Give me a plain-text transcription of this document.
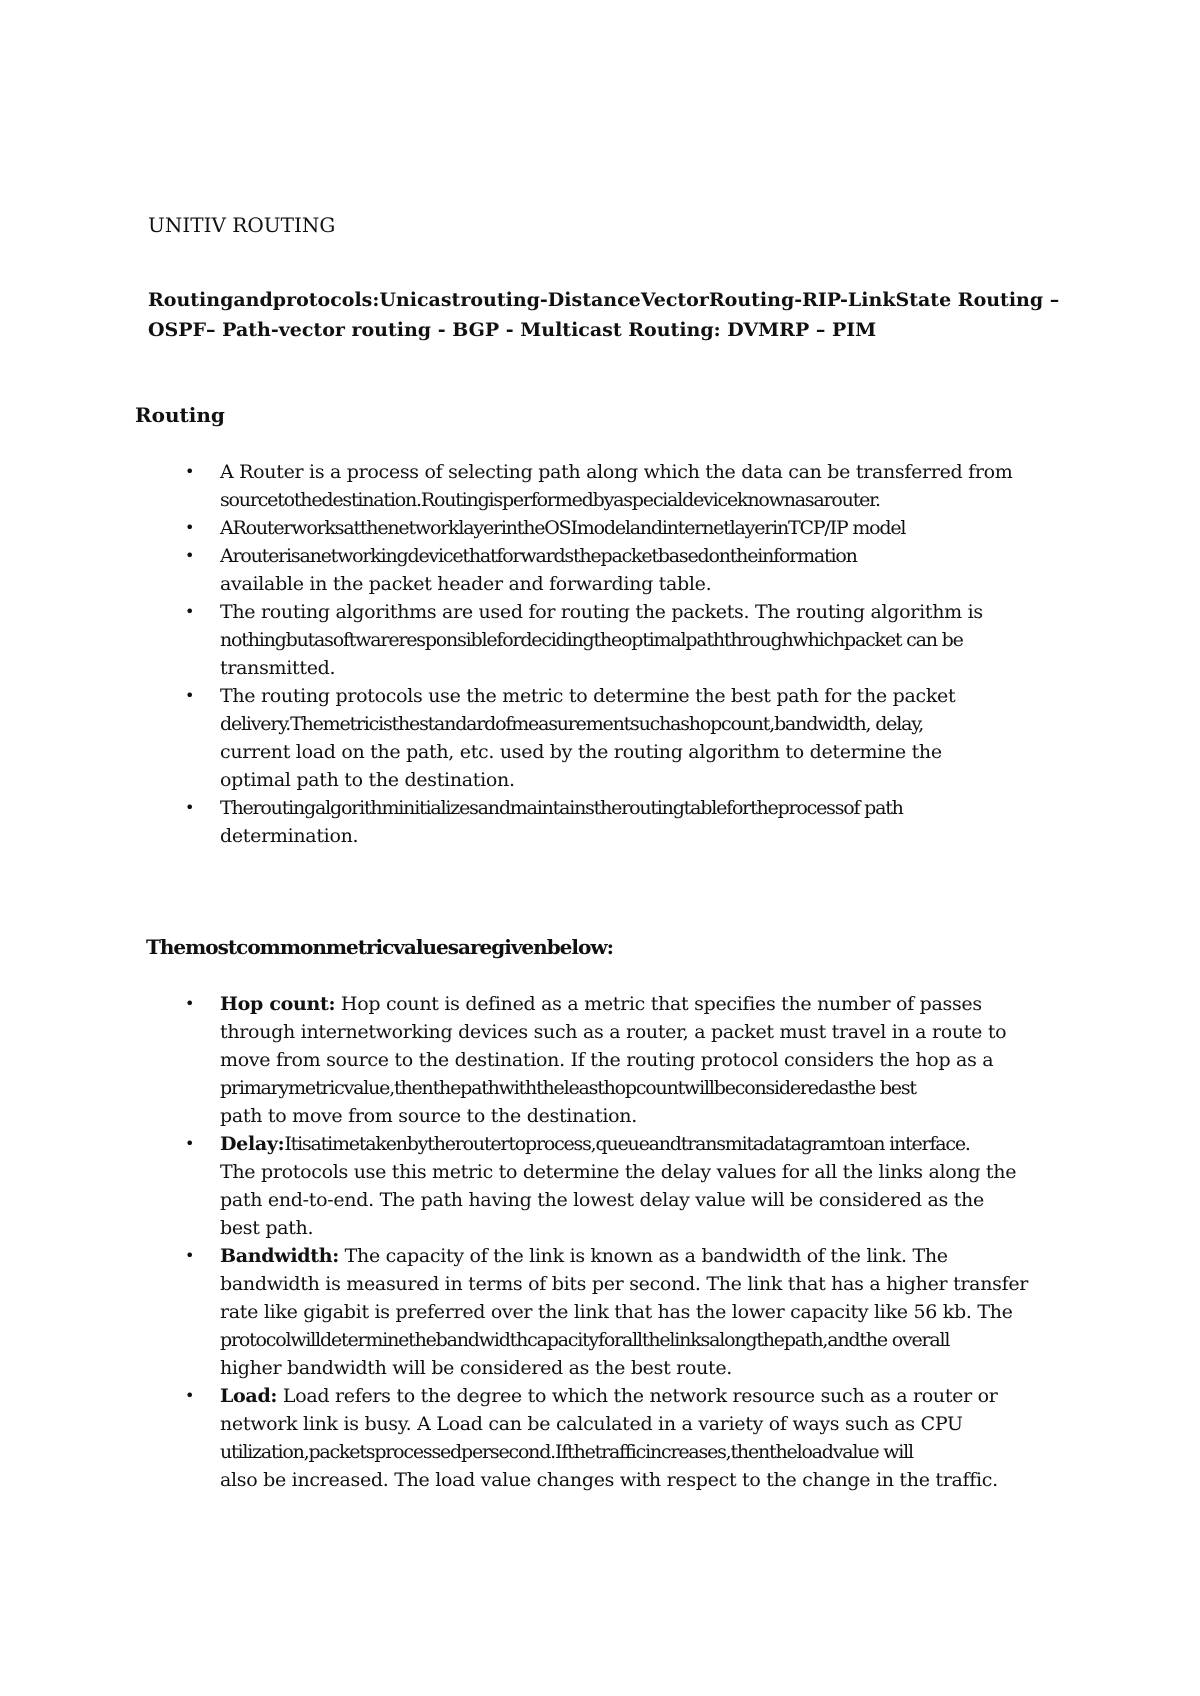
UNITIV ROUTING

Routingandprotocols:Unicastrouting-DistanceVectorRouting-RIP-LinkState Routing – OSPF– Path-vector routing - BGP - Multicast Routing: DVMRP – PIM

Routing
• A Router is a process of selecting path along which the data can be transferred from
sourcetothedestination.Routingisperformedbyaspecialdeviceknownasarouter.
• ARouterworksatthenetworklayerintheOSImodelandinternetlayerinTCP/IP model
• Arouterisanetworkingdevicethatforwardsthepacketbasedontheinformation
available in the packet header and forwarding table.
• The routing algorithms are used for routing the packets. The routing algorithm is
nothingbutasoftwareresponsiblefordecidingtheoptimalpaththroughwhichpacket can be
transmitted.
• The routing protocols use the metric to determine the best path for the packet
delivery.Themetricisthestandardofmeasurementsuchashopcount,bandwidth, delay,
current load on the path, etc. used by the routing algorithm to determine the
optimal path to the destination.
• Theroutingalgorithminitializesandmaintainstheroutingtablefortheprocessof path
determination.
Themostcommonmetricvaluesaregivenbelow:
• Hop count: Hop count is defined as a metric that specifies the number of passes
through internetworking devices such as a router, a packet must travel in a route to
move from source to the destination. If the routing protocol considers the hop as a
primarymetricvalue,thenthepathwiththeleasthopcountwillbeconsideredasthe best
path to move from source to the destination.
• Delay:Itisatimetakenbytheroutertoprocess,queueandtransmitadatagramtoan interface.
The protocols use this metric to determine the delay values for all the links along the
path end-to-end. The path having the lowest delay value will be considered as the
best path.
• Bandwidth: The capacity of the link is known as a bandwidth of the link. The
bandwidth is measured in terms of bits per second. The link that has a higher transfer
rate like gigabit is preferred over the link that has the lower capacity like 56 kb. The
protocolwilldeterminethebandwidthcapacityforallthelinksalongthepath,andthe overall
higher bandwidth will be considered as the best route.
• Load: Load refers to the degree to which the network resource such as a router or
network link is busy. A Load can be calculated in a variety of ways such as CPU
utilization,packetsprocessedpersecond.Ifthetrafficincreases,thentheloadvalue will
also be increased. The load value changes with respect to the change in the traffic.
